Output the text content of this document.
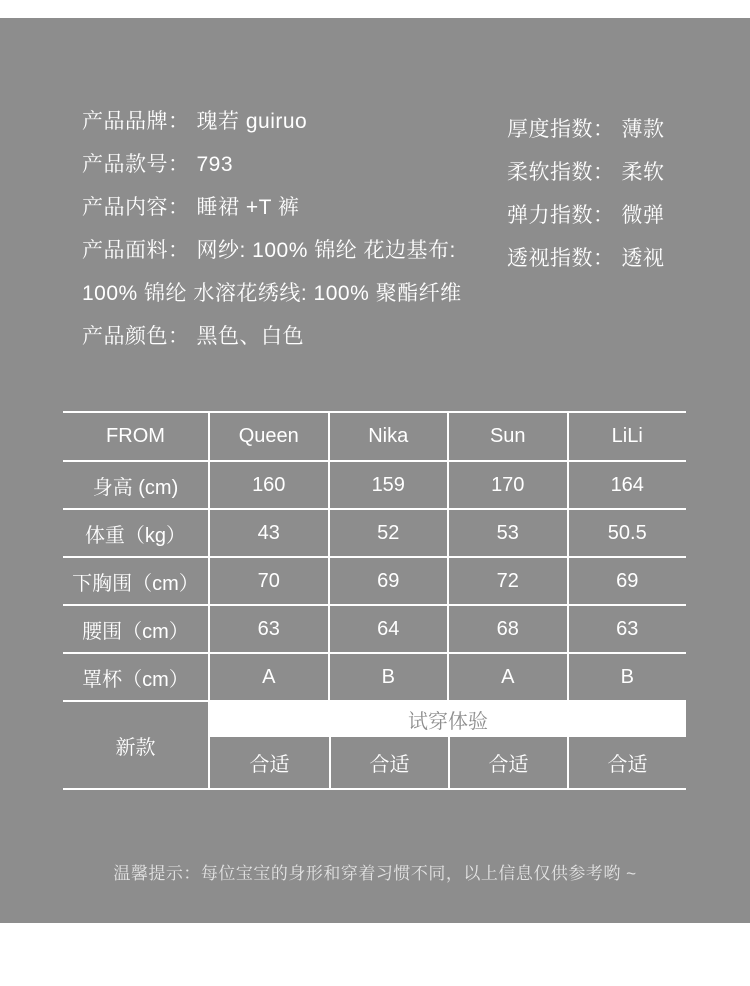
产品品牌： 瑰若 guiruo
产品款号： 793
产品内容： 睡裙 +T 裤
产品面料： 网纱: 100% 锦纶 花边基布: 100% 锦纶 水溶花绣线: 100% 聚酯纤维
产品颜色： 黑色、白色
厚度指数： 薄款
柔软指数： 柔软
弹力指数： 微弹
透视指数： 透视
FROM	Queen	Nika	Sun	LiLi
身高 (cm)	160	159	170	164
体重（kg）	43	52	53	50.5
下胸围（cm）	70	69	72	69
腰围（cm）	63	64	68	63
罩杯（cm）	A	B	A	B
新款
试穿体验
合适	合适	合适	合适
温馨提示：每位宝宝的身形和穿着习惯不同，以上信息仅供参考哟 ~
